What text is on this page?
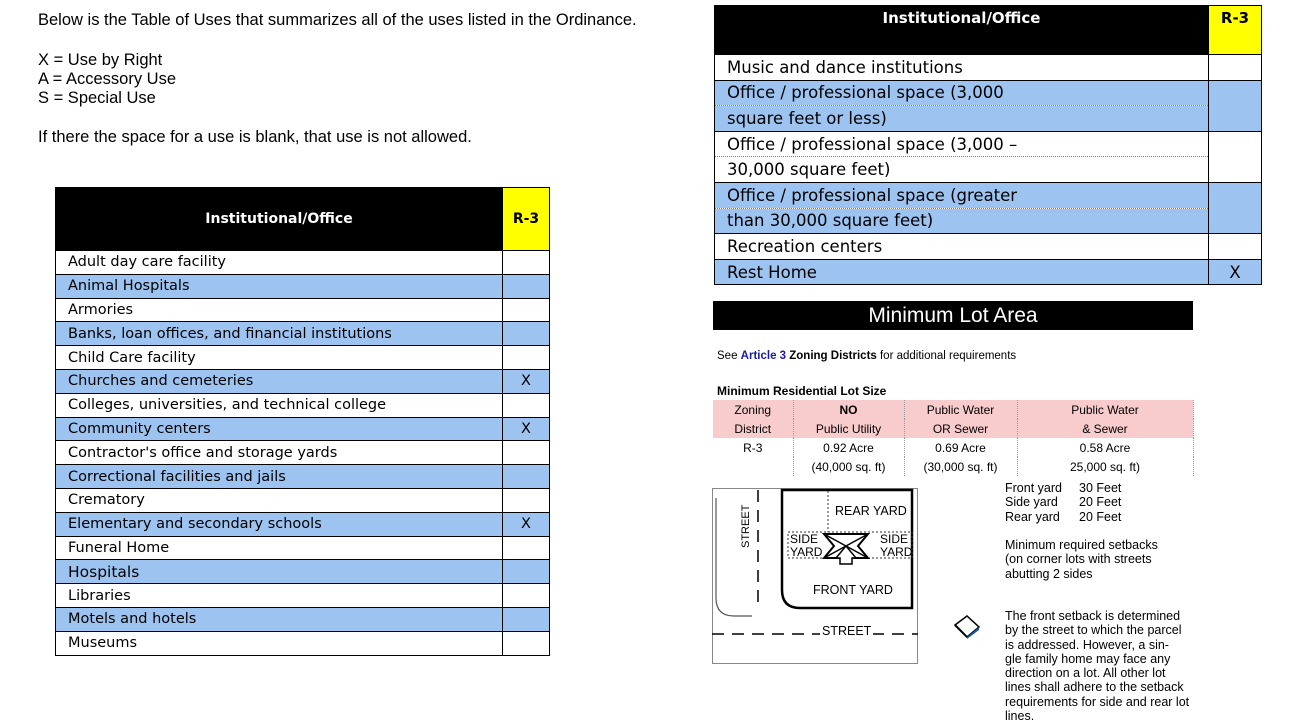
Below is the Table of Uses that summarizes all of the uses listed in the Ordinance.
X = Use by Right
A = Accessory Use
S = Special Use
If there the space for a use is blank, that use is not allowed.
Institutional/Office	R-3
Adult day care facility	
Animal Hospitals	
Armories	
Banks, loan offices, and financial institutions	
Child Care facility	
Churches and cemeteries	X
Colleges, universities, and technical college	
Community centers	X
Contractor's office and storage yards	
Correctional facilities and jails	
Crematory	
Elementary and secondary schools	X
Funeral Home	
Hospitals	
Libraries	
Motels and hotels	
Museums	
Institutional/Office	R-3
Music and dance institutions	
Office / professional space (3,000	
square feet or less)	
Office / professional space (3,000 –	
30,000 square feet)	
Office / professional space (greater	
than 30,000 square feet)	
Recreation centers	
Rest Home	X
Minimum Lot Area
See Article 3 Zoning Districts for additional requirements
Minimum Residential Lot Size
Zoning	NO	Public Water	Public Water
District	Public Utility	OR Sewer	& Sewer
R-3	0.92 Acre	0.69 Acre	0.58 Acre
	(40,000 sq. ft)	(30,000 sq. ft)	25,000 sq. ft)
REAR YARD
SIDE
YARD
SIDE
YARD
FRONT YARD
STREET
STREET
Front yard 30 Feet
Side yard 20 Feet
Rear yard 20 Feet
Minimum required setbacks
(on corner lots with streets
abutting 2 sides
The front setback is determined
by the street to which the parcel
is addressed. However, a sin-
gle family home may face any
direction on a lot. All other lot
lines shall adhere to the setback
requirements for side and rear lot
lines.
